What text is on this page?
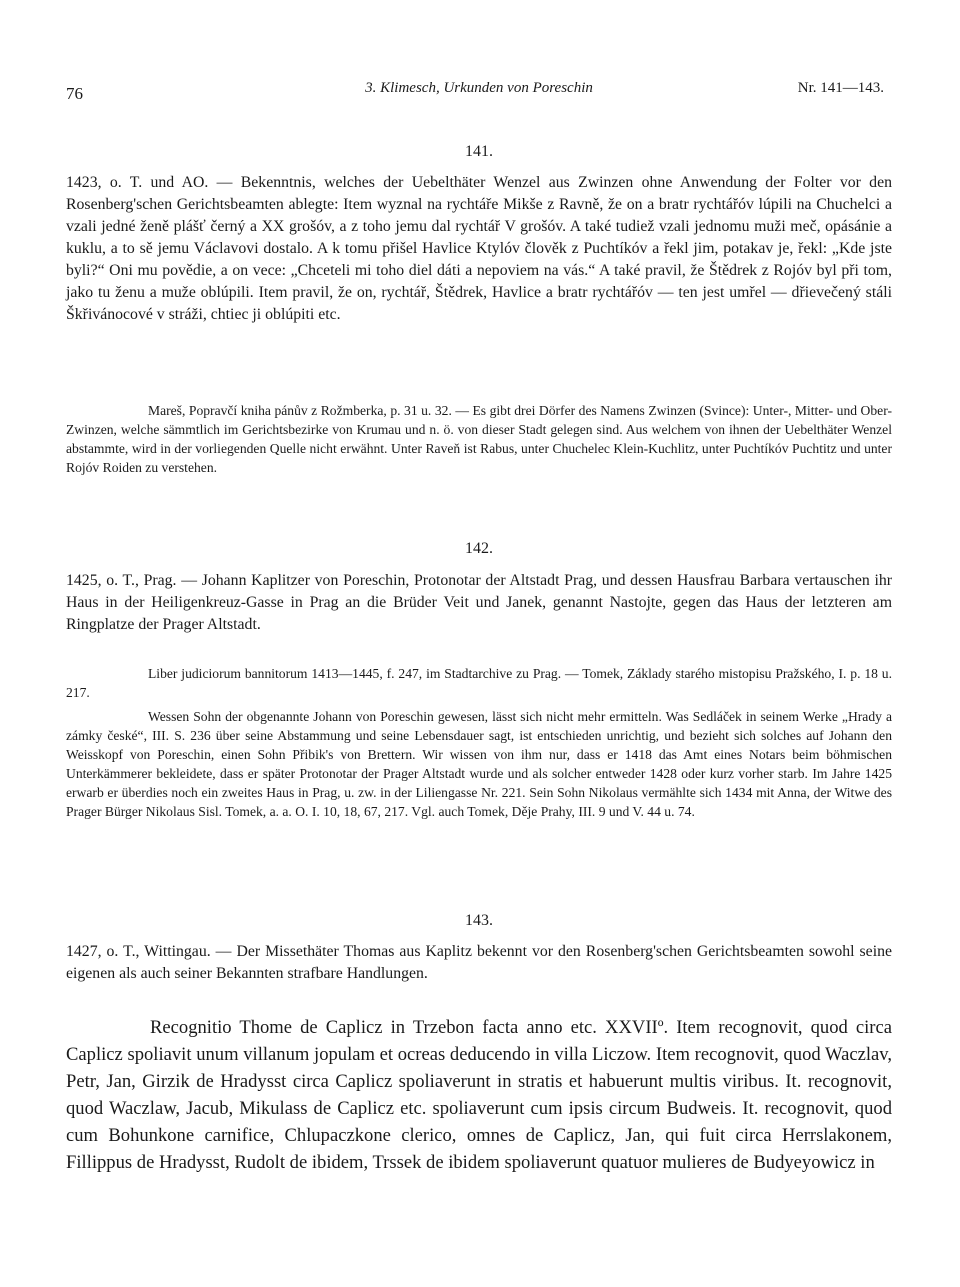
76	3. Klimesch, Urkunden von Poreschin	Nr. 141—143.
141.
1423, o. T. und AO. — Bekenntnis, welches der Uebelthäter Wenzel aus Zwinzen ohne Anwendung der Folter vor den Rosenberg'schen Gerichtsbeamten ablegte: Item wyznal na rychtáře Mikše z Ravně, že on a bratr rychtářóv lúpili na Chuchelci a vzali jedné ženě plášť černý a XX grošóv, a z toho jemu dal rychtář V grošóv. A také tudiež vzali jednomu muži meč, opásánie a kuklu, a to sě jemu Václavovi dostalo. A k tomu přišel Havlice Ktylóv člověk z Puchtíkóv a řekl jim, potakav je, řekl: „Kde jste byli?“ Oni mu povědie, a on vece: „Chceteli mi toho diel dáti a nepoviem na vás.“ A také pravil, že Štědrek z Rojóv byl při tom, jako tu ženu a muže oblúpili. Item pravil, že on, rychtář, Štědrek, Havlice a bratr rychtářóv — ten jest umřel — dřievečený stáli Škřivánocové v stráži, chtiec ji oblúpiti etc.
Mareš, Popravčí kniha pánův z Rožmberka, p. 31 u. 32. — Es gibt drei Dörfer des Namens Zwinzen (Svince): Unter-, Mitter- und Ober-Zwinzen, welche sämmtlich im Gerichtsbezirke von Krumau und n. ö. von dieser Stadt gelegen sind. Aus welchem von ihnen der Uebelthäter Wenzel abstammte, wird in der vorliegenden Quelle nicht erwähnt. Unter Raveň ist Rabus, unter Chuchelec Klein-Kuchlitz, unter Puchtíkóv Puchtitz und unter Rojóv Roiden zu verstehen.
142.
1425, o. T., Prag. — Johann Kaplitzer von Poreschin, Protonotar der Altstadt Prag, und dessen Hausfrau Barbara vertauschen ihr Haus in der Heiligenkreuz-Gasse in Prag an die Brüder Veit und Janek, genannt Nastojte, gegen das Haus der letzteren am Ringplatze der Prager Altstadt.
Liber judiciorum bannitorum 1413—1445, f. 247, im Stadtarchive zu Prag. — Tomek, Základy starého mistopisu Pražského, I. p. 18 u. 217.
Wessen Sohn der obgenannte Johann von Poreschin gewesen, lässt sich nicht mehr ermitteln. Was Sedláček in seinem Werke „Hrady a zámky české“, III. S. 236 über seine Abstammung und seine Lebensdauer sagt, ist entschieden unrichtig, und bezieht sich solches auf Johann den Weisskopf von Poreschin, einen Sohn Přibik's von Brettern. Wir wissen von ihm nur, dass er 1418 das Amt eines Notars beim böhmischen Unterkämmerer bekleidete, dass er später Protonotar der Prager Altstadt wurde und als solcher entweder 1428 oder kurz vorher starb. Im Jahre 1425 erwarb er überdies noch ein zweites Haus in Prag, u. zw. in der Liliengasse Nr. 221. Sein Sohn Nikolaus vermählte sich 1434 mit Anna, der Witwe des Prager Bürger Nikolaus Sisl. Tomek, a. a. O. I. 10, 18, 67, 217. Vgl. auch Tomek, Děje Prahy, III. 9 und V. 44 u. 74.
143.
1427, o. T., Wittingau. — Der Missethäter Thomas aus Kaplitz bekennt vor den Rosenberg'schen Gerichtsbeamten sowohl seine eigenen als auch seiner Bekannten strafbare Handlungen.
Recognitio Thome de Caplicz in Trzebon facta anno etc. XXVIIº. Item recognovit, quod circa Caplicz spoliavit unum villanum jopulam et ocreas deducendo in villa Liczow. Item recognovit, quod Waczlav, Petr, Jan, Girzik de Hradysst circa Caplicz spoliaverunt in stratis et habuerunt multis viribus. It. recognovit, quod Waczlaw, Jacub, Mikulass de Caplicz etc. spoliaverunt cum ipsis circum Budweis. It. recognovit, quod cum Bohunkone carnifice, Chlupaczkone clerico, omnes de Caplicz, Jan, qui fuit circa Herrslakonem, Fillippus de Hradysst, Rudolt de ibidem, Trssek de ibidem spoliaverunt quatuor mulieres de Budyeyowicz in
